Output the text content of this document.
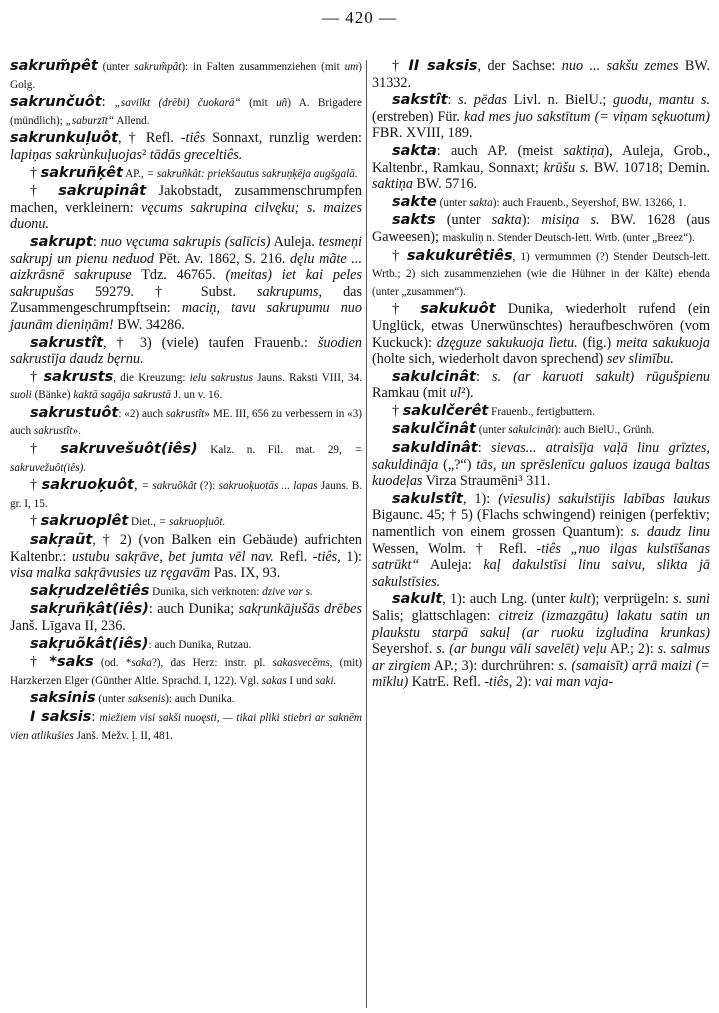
— 420 —
sakrum̃pêt (unter sakrum̃pât): in Falten zusammenziehen (mit um) Golg.
sakrunčuôt: „savilkt (drēbi) čuokarā“ (mit uñ) A. Brigadere (mündlich); „saburzīt“ Allend.
sakrunkuļuôt, † Refl. -tiês Sonnaxt, runzlig werden: lapiņas sakrùnkuļuojas² tādās greceltiês.
† sakruñķêt AP., = sakruñkât: priekšautus sakruņķēja augšgalā.
† sakrupinât Jakobstadt, zusammenschrumpfen machen, verkleinern: vęcums sakrupina cilvęku; s. maizes duonu.
sakrupt: nuo vęcuma sakrupis (salīcis) Auleja. tesmeņi sakrupj un pienu neduod Pēt. Av. 1862, S. 216. dęlu mãte ... aizkrāsnē sakrupuse Tdz. 46765. (meitas) iet kai peles sakrupušas 59279. † Subst. sakrupums, das Zusammengeschrumpftsein: maciņ, tavu sakrupumu nuo jaunām dieniņām! BW. 34286.
sakrustît, † 3) (viele) taufen Frauenb.: šuodien sakrustīja daudz bęrnu.
† sakrusts, die Kreuzung: ielu sakrustus Jauns. Raksti VIII, 34. suoli (Bänke) kaktā sagāja sakrustā J. un v. 16.
sakrustuôt: «2) auch sakrustît» ME. III, 656 zu verbessern in «3) auch sakrustît».
† sakruvešuôt(iês) Kalz. n. Fil. mat. 29, = sakruvežuôt(iês).
† sakruoķuôt, = sakruõkât (?): sakruoķuotās ... lapas Jauns. B. gr. I, 15.
† sakruoplêt Diet., = sakruopļuôt.
sakŗaũt, † 2) (von Balken ein Gebäude) aufrichten Kaltenbr.: ustubu sakŗāve, bet jumta vēl nav. Refl. -tiês, 1): visa malka sakŗāvusies uz ręgavām Pas. IX, 93.
sakŗudzelêtiês Dunika, sich verknoten: dzive var s.
sakŗuñķât(iês): auch Dunika; sakŗunkājušās drēbes Janš. Līgava II, 236.
sakŗuõkât(iês): auch Dunika, Rutzau.
† *saks (od. *saka?), das Herz: instr. pl. sakasvecēms, (mit) Harzkerzen Elger (Günther Altle. Sprachd. I, 122). Vgl. sakas I und saki.
saksinis (unter saksenis): auch Dunika.
I saksis: miežiem visi sakši nuoęsti, — tikai pliki stiebri ar saknēm vien atlikušies Janš. Mežv. ļ. II, 481.
† II saksis, der Sachse: nuo ... sakšu zemes BW. 31332.
sakstît: s. pēdas Livl. n. BielU.; guodu, mantu s. (erstreben) Für. kad mes juo sakstītum (= viņam sękuotum) FBR. XVIII, 189.
sakta: auch AP. (meist saktiņa), Auleja, Grob., Kaltenbr., Ramkau, Sonnaxt; krūšu s. BW. 10718; Demin. saktiņa BW. 5716.
sakte (unter sakta): auch Frauenb., Seyershof, BW. 13266, 1.
sakts (unter sakta): misiņa s. BW. 1628 (aus Gaweesen); maskuliņ n. Stender Deutsch-lett. Wrtb. (unter „Breez“).
† sakukurêtiês, 1) vermummen (?) Stender Deutsch-lett. Wrtb.; 2) sich zusammenziehen (wie die Hühner in der Kälte) ebenda (unter „zusammen“).
† sakukuôt Dunika, wiederholt rufend (ein Unglück, etwas Unerwünschtes) heraufbeschwören (vom Kuckuck): dzęguze sakukuoja lìetu. (fig.) meita sakukuoja (holte sich, wiederholt davon sprechend) sev slimību.
sakulcinât: s. (ar karuoti sakult) rūgušpienu Ramkau (mit ul²).
† sakulčerêt Frauenb., fertigbuttern.
sakulčinât (unter sakulcinât): auch BielU., Grünh.
sakuldinât: sievas... atraisīja vaļā linu grīztes, sakuldināja („?“) tās, un sprēslenīcu galuos izauga baltas kuodeļas Virza Straumēni³ 311.
sakulstît, 1): (viesulis) sakulstījis labības laukus Bigaunc. 45; † 5) (Flachs schwingend) reinigen (perfektiv; namentlich von einem grossen Quantum): s. daudz linu Wessen, Wolm. † Refl. -tiês „nuo ilgas kulstīšanas satrūkt“ Auleja: kaļ dakulstīsi linu saivu, slikta jā sakulstīsies.
sakult, 1): auch Lng. (unter kult); verprügeln: s. suni Salis; glattschlagen: citreiz (izmazgātu) lakatu satin un plaukstu starpā sakuļ (ar ruoku izgludina krunkas) Seyershof. s. (ar bungu vāli savelēt) veļu AP.; 2): s. salmus ar zirgiem AP.; 3): durchrühren: s. (samaisīt) aŗrā maizi (= mīklu) KatrE. Refl. -tiês, 2): vai man vaja-
